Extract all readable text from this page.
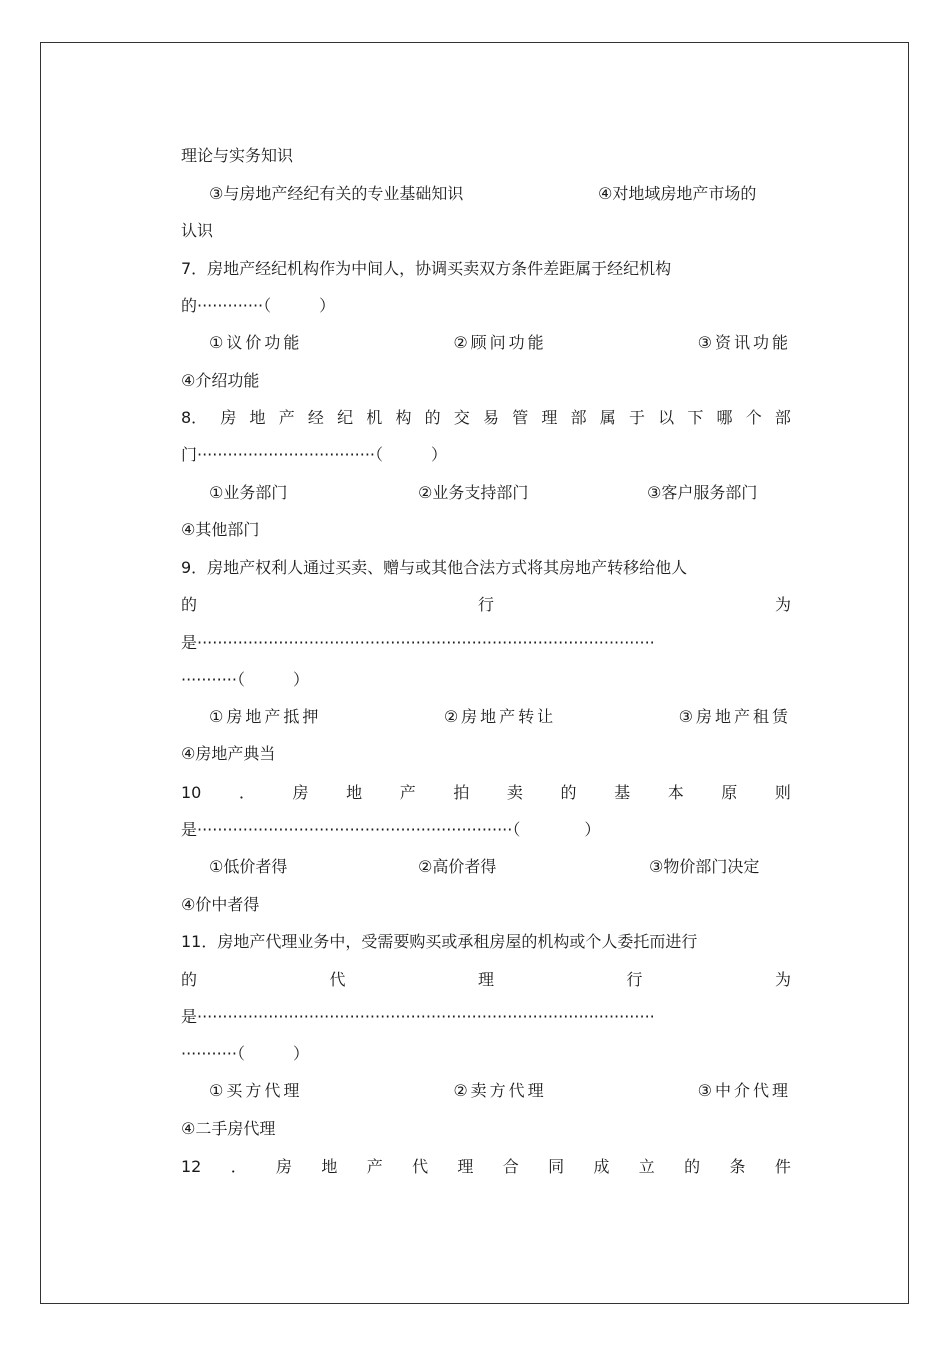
理论与实务知识
③与房地产经纪有关的专业基础知识	④对地域房地产市场的
认识
7．房地产经纪机构作为中间人，协调买卖双方条件差距属于经纪机构
的·············（　　　）
①议价功能	②顾问功能	③资讯功能
④介绍功能
8． 房 地 产 经 纪 机 构 的 交 易 管 理 部 属 于 以 下 哪 个 部
门···································（　　　）
①业务部门	②业务支持部门	③客户服务部门
④其他部门
9．房地产权利人通过买卖、赠与或其他合法方式将其房地产转移给他人
的	行	为
是··························································································
···········（　　　）
①房地产抵押	②房地产转让	③房地产租赁
④房地产典当
10 ． 房 地 产 拍 卖 的 基 本 原 则
是······························································（　　　　）
①低价者得	②高价者得	③物价部门决定
④价中者得
11．房地产代理业务中，受需要购买或承租房屋的机构或个人委托而进行
的	代	理	行	为
是··························································································
···········（　　　）
①买方代理	②卖方代理	③中介代理
④二手房代理
12 ． 房 地 产 代 理 合 同 成 立 的 条 件
